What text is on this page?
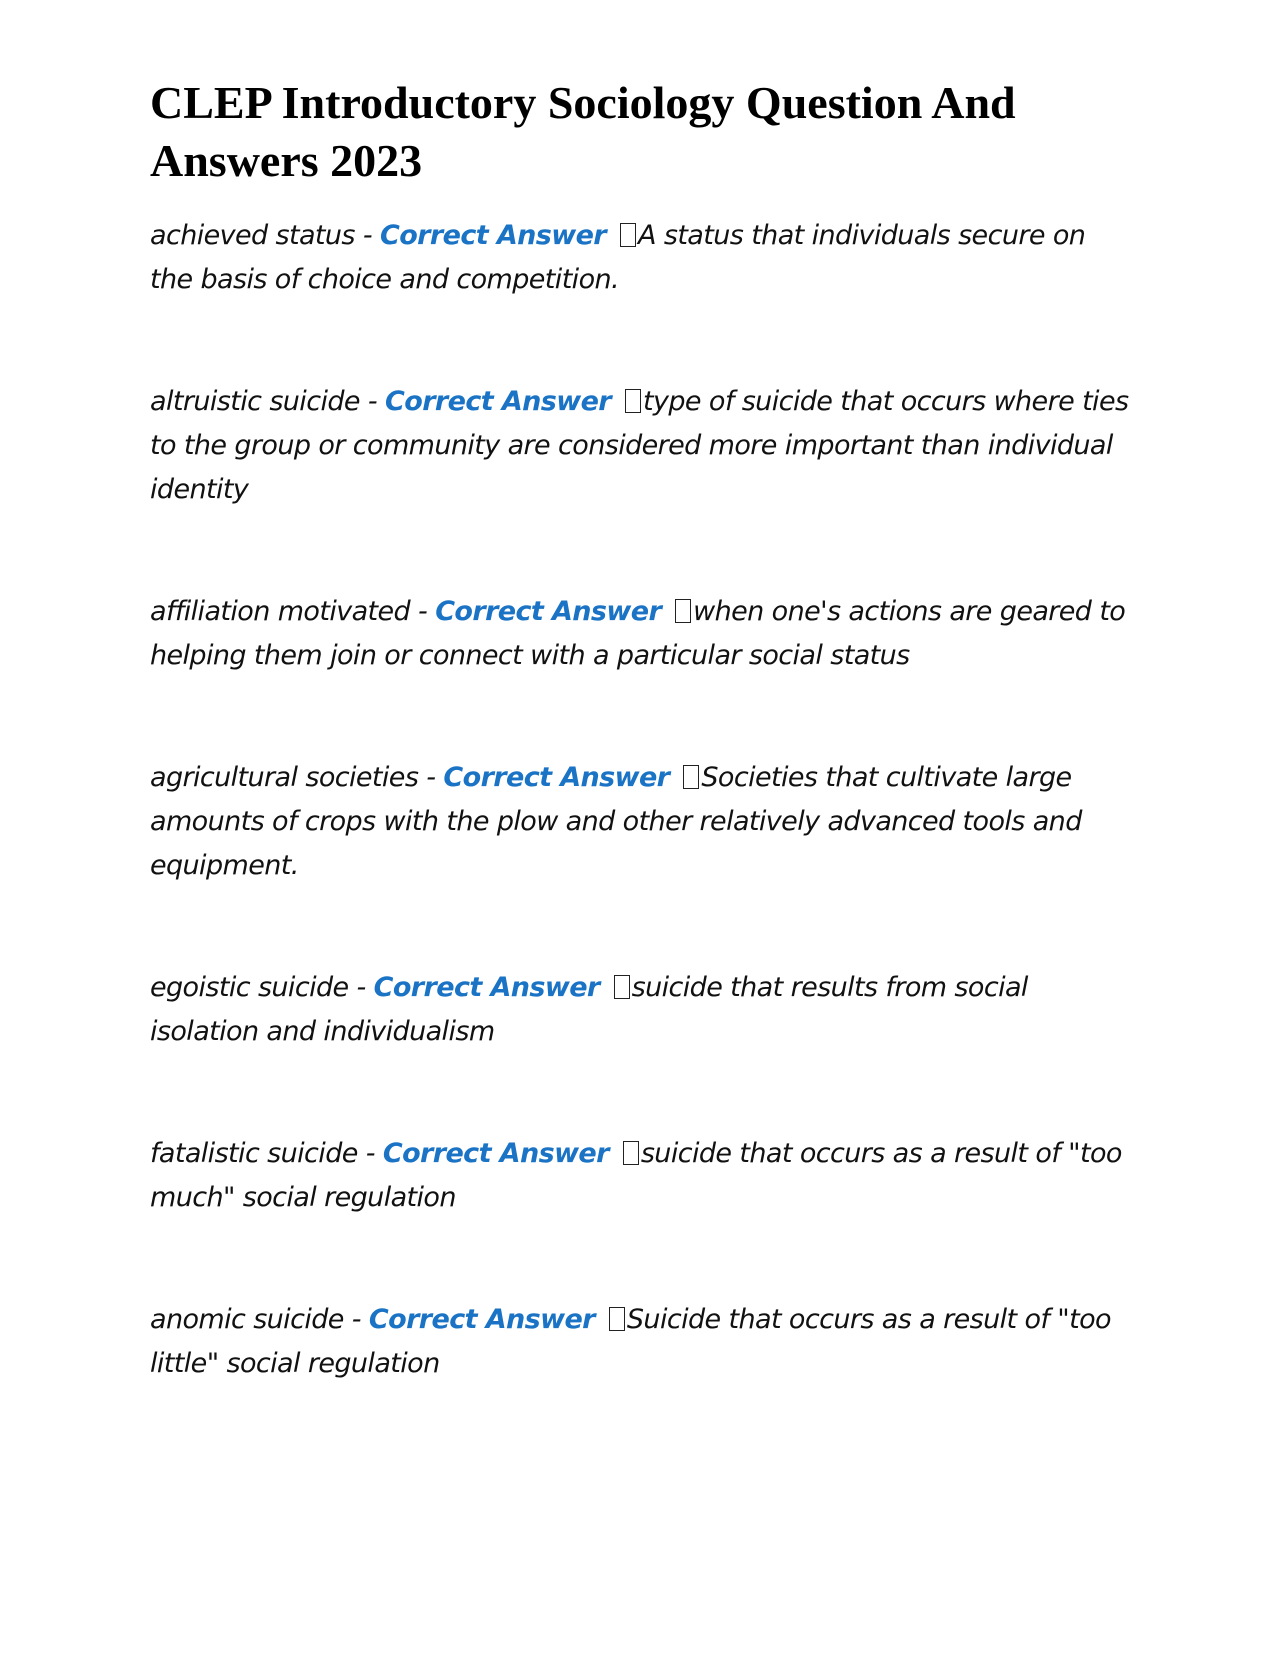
CLEP Introductory Sociology Question And Answers 2023

achieved status - Correct Answer A status that individuals secure on the basis of choice and competition.

altruistic suicide - Correct Answer type of suicide that occurs where ties to the group or community are considered more important than individual identity

affiliation motivated - Correct Answer when one's actions are geared to helping them join or connect with a particular social status

agricultural societies - Correct Answer Societies that cultivate large amounts of crops with the plow and other relatively advanced tools and equipment.

egoistic suicide - Correct Answer suicide that results from social isolation and individualism

fatalistic suicide - Correct Answer suicide that occurs as a result of "too much" social regulation

anomic suicide - Correct Answer Suicide that occurs as a result of "too little" social regulation
